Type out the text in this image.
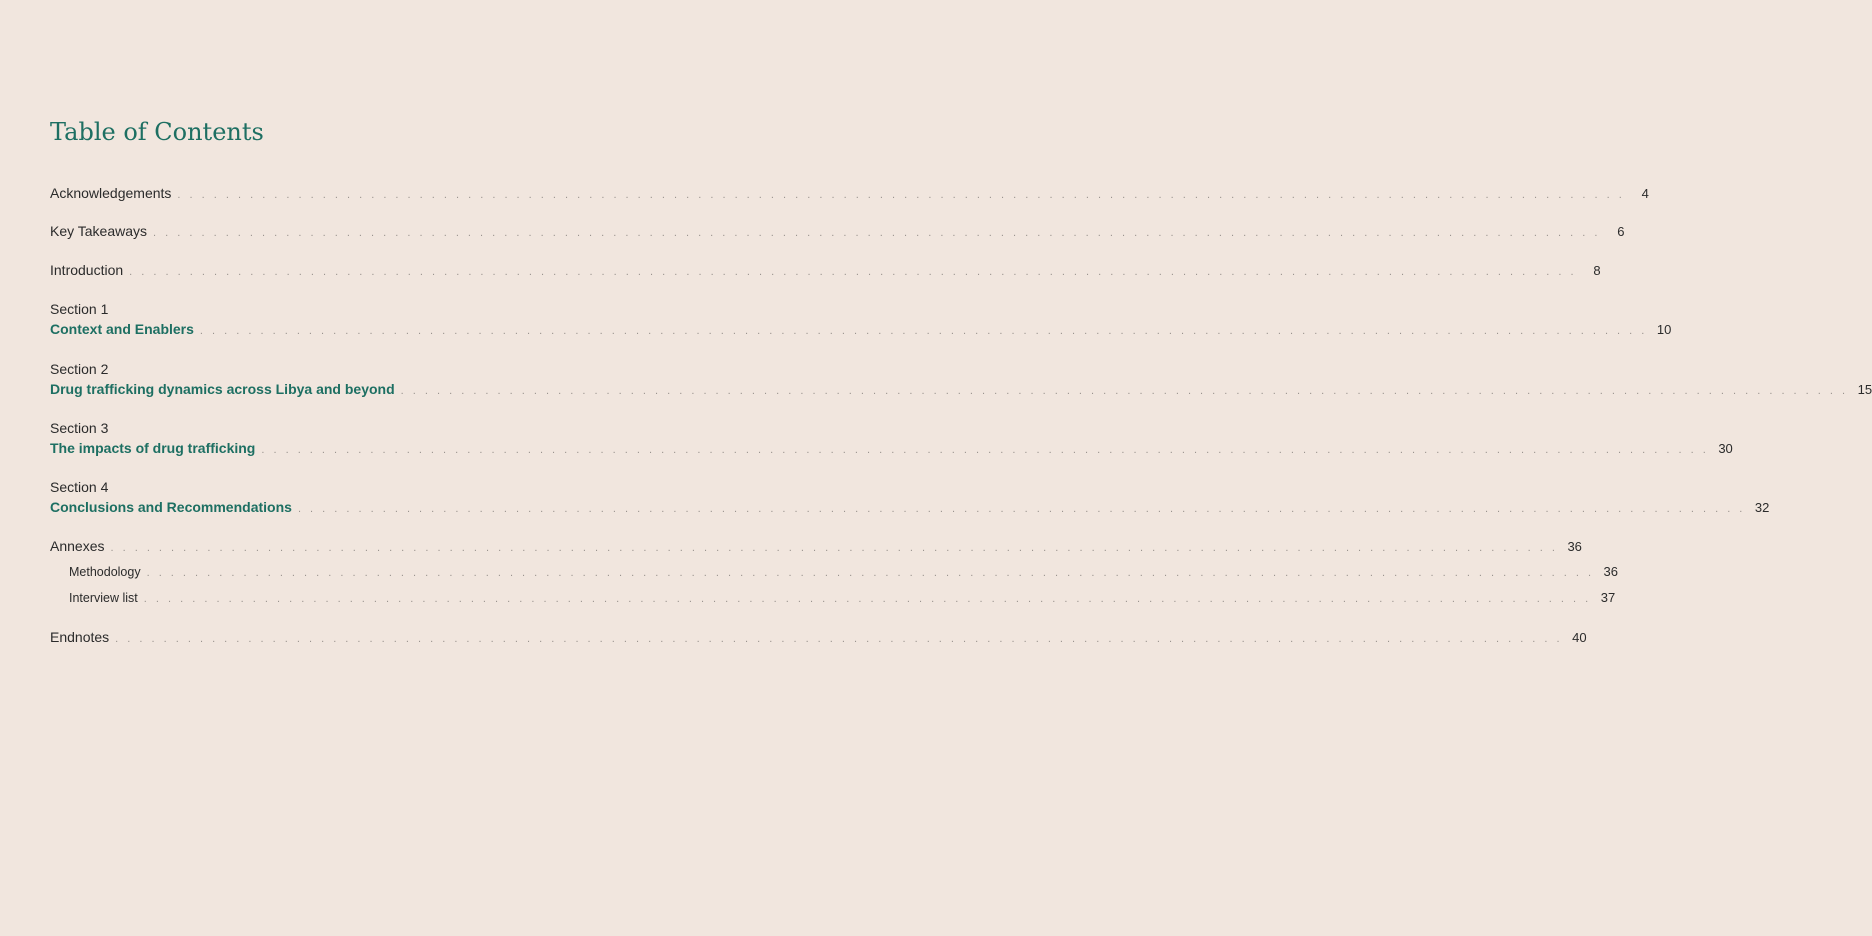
Table of Contents
Acknowledgements . . . . . . . . . . . . . . . . . . . . . . . . . . . . . . . . . . . . . . . . . . . . . . . . . . . . . . . . . . . . . . . . . . . . . . . . . . . . . . . . . . . . . . . . . . . . . . . . . . . . . . . . . . . . . . . . . . . . . . . .	4
Key Takeaways . . . . . . . . . . . . . . . . . . . . . . . . . . . . . . . . . . . . . . . . . . . . . . . . . . . . . . . . . . . . . . . . . . . . . . . . . . . . . . . . . . . . . . . . . . . . . . . . . . . . . . . . . . . . . . . . . . . . . . . .	6
Introduction . . . . . . . . . . . . . . . . . . . . . . . . . . . . . . . . . . . . . . . . . . . . . . . . . . . . . . . . . . . . . . . . . . . . . . . . . . . . . . . . . . . . . . . . . . . . . . . . . . . . . . . . . . . . . . . . . . . . . . . .	8
Section 1
Context and Enablers . . . . . . . . . . . . . . . . . . . . . . . . . . . . . . . . . . . . . . . . . . . . . . . . . . . . . . . . . . . . . . . . . . . . . . . . . . . . . . . . . . . . . . . . . . . . . . . . . . . . . . . . . . . . . . . . . . . . . . . . 10
Section 2
Drug trafficking dynamics across Libya and beyond . . . . . . . . . . . . . . . . . . . . . . . . . . . . . . . . . . . . . . . . . . . . . . . . . . . . . . . . . . . . . . . . . . . . . . . . . . . . . . . . . . . . . . . . . . . . . . . . . . . . . . . . . . . . . . . . . . . . . . . . 15
Section 3
The impacts of drug trafficking . . . . . . . . . . . . . . . . . . . . . . . . . . . . . . . . . . . . . . . . . . . . . . . . . . . . . . . . . . . . . . . . . . . . . . . . . . . . . . . . . . . . . . . . . . . . . . . . . . . . . . . . . . . . . . . . . . . . . . . . 30
Section 4
Conclusions and Recommendations . . . . . . . . . . . . . . . . . . . . . . . . . . . . . . . . . . . . . . . . . . . . . . . . . . . . . . . . . . . . . . . . . . . . . . . . . . . . . . . . . . . . . . . . . . . . . . . . . . . . . . . . . . . . . . . . . . . . . . . . 32
Annexes . . . . . . . . . . . . . . . . . . . . . . . . . . . . . . . . . . . . . . . . . . . . . . . . . . . . . . . . . . . . . . . . . . . . . . . . . . . . . . . . . . . . . . . . . . . . . . . . . . . . . . . . . . . . . . . . . . . . . . . . 36
Methodology . . . . . . . . . . . . . . . . . . . . . . . . . . . . . . . . . . . . . . . . . . . . . . . . . . . . . . . . . . . . . . . . . . . . . . . . . . . . . . . . . . . . . . . . . . . . . . . . . . . . . . . . . . . . . . . . . . . . . . . . 36
Interview list . . . . . . . . . . . . . . . . . . . . . . . . . . . . . . . . . . . . . . . . . . . . . . . . . . . . . . . . . . . . . . . . . . . . . . . . . . . . . . . . . . . . . . . . . . . . . . . . . . . . . . . . . . . . . . . . . . . . . . . . 37
Endnotes . . . . . . . . . . . . . . . . . . . . . . . . . . . . . . . . . . . . . . . . . . . . . . . . . . . . . . . . . . . . . . . . . . . . . . . . . . . . . . . . . . . . . . . . . . . . . . . . . . . . . . . . . . . . . . . . . . . . . . . . 40
